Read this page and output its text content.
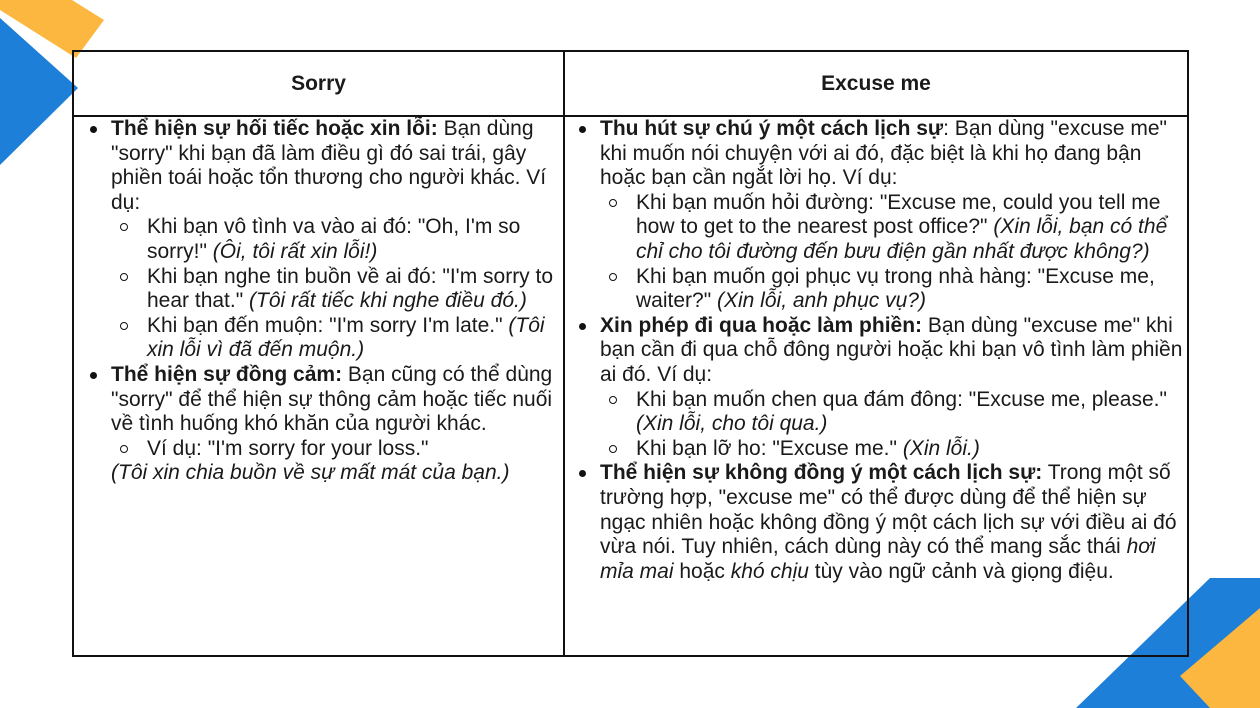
Sorry	Excuse me
Thể hiện sự hối tiếc hoặc xin lỗi: Bạn dùng "sorry" khi bạn đã làm điều gì đó sai trái, gây phiền toái hoặc tổn thương cho người khác. Ví dụ:
Khi bạn vô tình va vào ai đó: "Oh, I'm so sorry!" (Ôi, tôi rất xin lỗi!)
Khi bạn nghe tin buồn về ai đó: "I'm sorry to hear that." (Tôi rất tiếc khi nghe điều đó.)
Khi bạn đến muộn: "I'm sorry I'm late." (Tôi xin lỗi vì đã đến muộn.)
Thể hiện sự đồng cảm: Bạn cũng có thể dùng "sorry" để thể hiện sự thông cảm hoặc tiếc nuối về tình huống khó khăn của người khác.
Ví dụ: "I'm sorry for your loss."
(Tôi xin chia buồn về sự mất mát của bạn.)
Thu hút sự chú ý một cách lịch sự: Bạn dùng "excuse me" khi muốn nói chuyện với ai đó, đặc biệt là khi họ đang bận hoặc bạn cần ngắt lời họ. Ví dụ:
Khi bạn muốn hỏi đường: "Excuse me, could you tell me how to get to the nearest post office?" (Xin lỗi, bạn có thể chỉ cho tôi đường đến bưu điện gần nhất được không?)
Khi bạn muốn gọi phục vụ trong nhà hàng: "Excuse me, waiter?" (Xin lỗi, anh phục vụ?)
Xin phép đi qua hoặc làm phiền: Bạn dùng "excuse me" khi bạn cần đi qua chỗ đông người hoặc khi bạn vô tình làm phiền ai đó. Ví dụ:
Khi bạn muốn chen qua đám đông: "Excuse me, please." (Xin lỗi, cho tôi qua.)
Khi bạn lỡ ho: "Excuse me." (Xin lỗi.)
Thể hiện sự không đồng ý một cách lịch sự: Trong một số trường hợp, "excuse me" có thể được dùng để thể hiện sự ngạc nhiên hoặc không đồng ý một cách lịch sự với điều ai đó vừa nói. Tuy nhiên, cách dùng này có thể mang sắc thái hơi mỉa mai hoặc khó chịu tùy vào ngữ cảnh và giọng điệu.
